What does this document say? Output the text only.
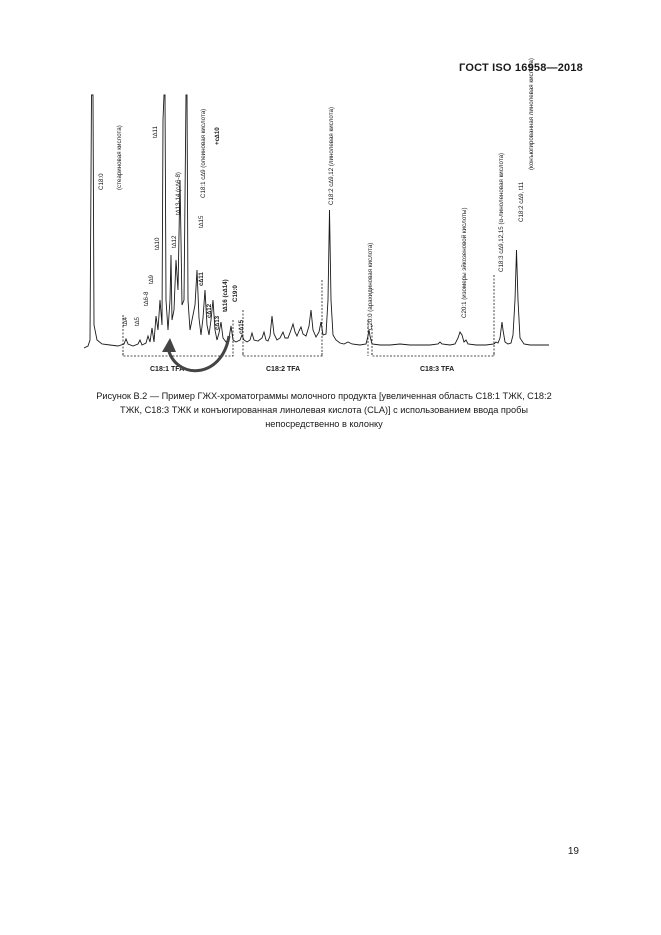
ГОСТ ISO 16958—2018
C18:1 TFA	C18:2 TFA	C18:3 TFA
C18:0 (стеариновая кислота)
t∆4 t∆5
t∆6-8
t∆9
t∆10
t∆11
t∆12
t∆13-14 (c∆6-8)
t∆15
C18:1 c∆9 (олеиновая кислота) +c∆10
c∆11
c∆12
c∆13
t∆16 (c∆14) C19:0
c∆15
C18:2 c∆9,12 (линолевая кислота)
C20:0 (арахидиновая кислота)	C20:1 (изомеры эйкозеновой кислоты)	C18:3 c∆9,12,15 (α-линоленовая кислота) C18:2 c∆9, t11
(конъюгированная линолевая кислота)
Рисунок В.2 — Пример ГЖХ-хроматограммы молочного продукта [увеличенная область C18:1 ТЖК, C18:2 ТЖК, C18:3 ТЖК и конъюгированная линолевая кислота (CLA)] с использованием ввода пробы непосредственно в колонку
19
